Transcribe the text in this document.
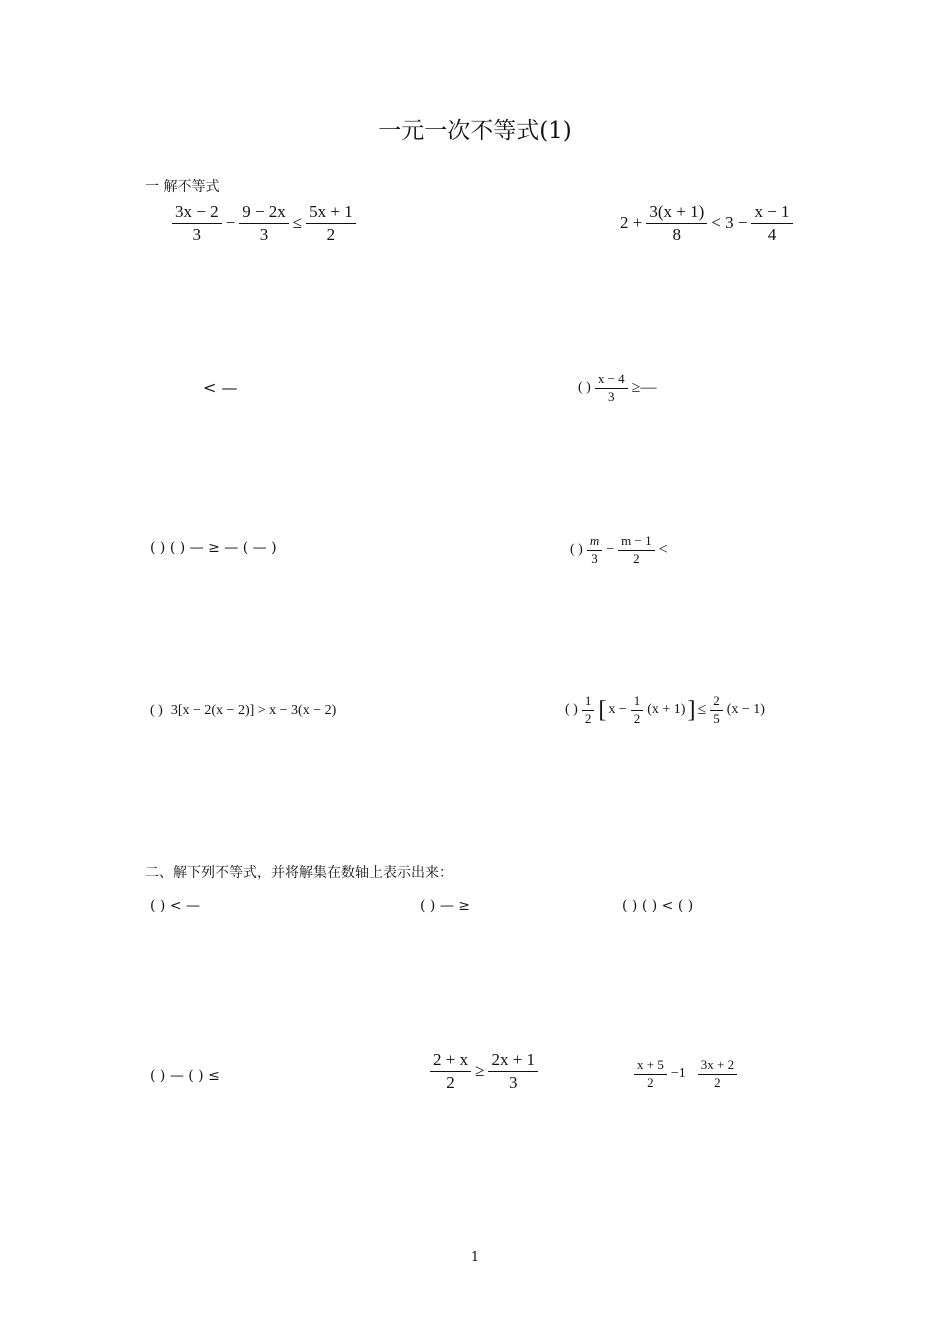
一元一次不等式(1)
一 解不等式
$\frac{3x - 2}{3} - \frac{9 - 2x}{3} \le \frac{5x + 1}{2}$	$2 + \frac{3(x + 1)}{8} < 3 - \frac{x - 1}{4}$
< —	( ) $\frac{x - 4}{3}$ ≥—
( ) ( ) — ≥ — ( — )	( ) $\frac{m}{3} - \frac{m - 1}{2}$ <
( ) 3[x − 2(x − 2)] > x − 3(x − 2)	( ) $\frac{1}{2}$ [ $x - \frac{1}{2} (x + 1)$ ] ≤ $\frac{2}{5} (x - 1)$
二、解下列不等式，并将解集在数轴上表示出来：
( ) < —	( ) — ≥	( ) ( ) < ( )
( ) — ( ) ≤	$\frac{2 + x}{2} \ge \frac{2x + 1}{3}$	$\frac{x + 5}{2} -1 \frac{3x + 2}{2}$
1
